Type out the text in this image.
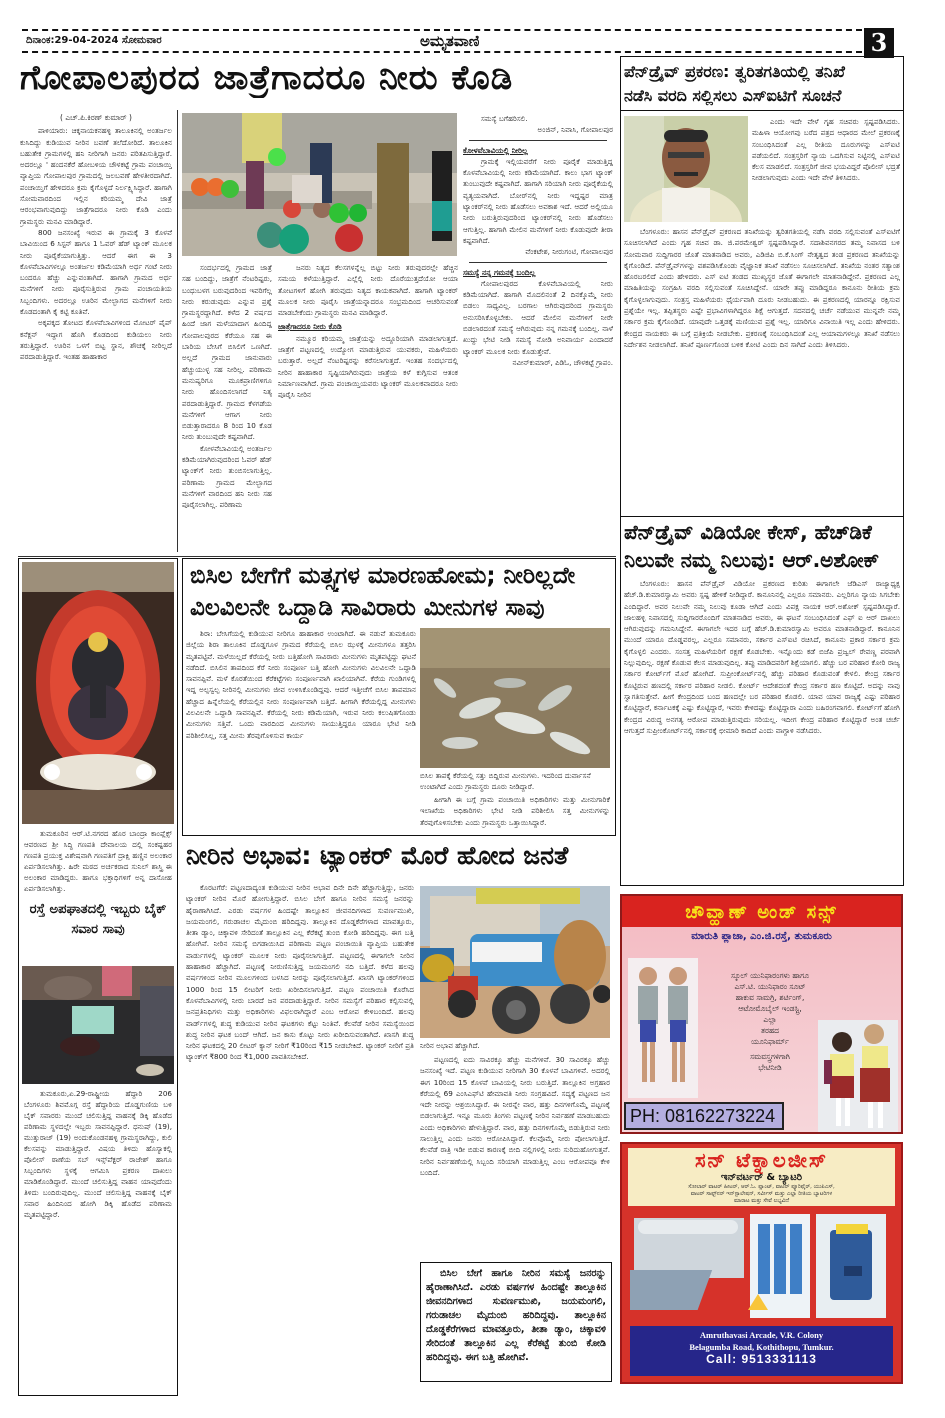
ದಿನಾಂಕ:29-04-2024 ಸೋಮವಾರ	ಅಮೃತವಾಣಿ	3
ಗೋಪಾಲಪುರದ ಜಾತ್ರೆಗಾದರೂ ನೀರು ಕೊಡಿ
( ಎಚ್.ಪಿ.ಕಿರಣ್ ಕುಮಾರ್ )

ಪಾಳಿಯಾರು: ಚಿಕ್ಕನಾಯಕನಹಳ್ಳಿ ತಾಲೂಕಿನಲ್ಲಿ ಅಂತರ್ಜಲ ಕುಸಿದಿದ್ದು ಕುಡಿಯುವ ನೀರಿನ ಬವಣೆ ತಲೆದೋರಿದೆ. ತಾಲೂಕಿನ ಬಹುತೇಕ ಗ್ರಾಮಗಳಲ್ಲಿ ಹನಿ ನೀರಿಗಾಗಿ ಜನರು ಪರಿತಪಿಸುತ್ತಿದ್ದಾರೆ. ಅದರಲ್ಲೂ ' ಹಂದನಕೆರೆ ಹೋಬಳಿಯ ಚೌಳಕಟ್ಟೆ ಗ್ರಾಮ ಪಂಚಾಯ್ತಿ ವ್ಯಾಪ್ತಿಯ ಗೋಪಾಲಪುರ ಗ್ರಾಮದಲ್ಲಿ ಜಲಬವಣೆ ಹೇಳತೀರದಾಗಿದೆ. ಪಂಚಾಯ್ತಿಗೆ ಹೇಳಿದರೂ ಕ್ರಮ ಕೈಗೊಳ್ಳದೆ ನಿರ್ಲಕ್ಷ್ಯಿಸಿದ್ದಾರೆ. ಹಾಗಾಗಿ ಸೋಮವಾರದಿಂದ ಇಲ್ಲಿನ ಕರಿಯಮ್ಮ ದೇವಿ ಜಾತ್ರೆ ಆರಂಭವಾಗುವುದಿದ್ದು ಜಾತ್ರೆಗಾದರೂ ನೀರು ಕೊಡಿ ಎಂದು ಗ್ರಾಮಸ್ಥರು ಮನವಿ ಮಾಡಿದ್ದಾರೆ.

800 ಜನಸಂಖ್ಯೆ ಇರುವ ಈ ಗ್ರಾಮಕ್ಕೆ 3 ಕೊಳವೆ ಬಾವಿಯಿಂದ 6 ಸಿಸ್ಟನ್ ಹಾಗೂ 1 ಓವರ್ ಹೆಡ್ ಟ್ಯಾಂಕ್ ಮೂಲಕ ನೀರು ಪೂರೈಕೆಯಾಗುತ್ತಿತ್ತು. ಆದರೆ ಈಗ ಈ 3 ಕೊಳವೆಬಾವಿಗಳಲ್ಲೂ ಅಂತರ್ಜಲ ಕಡಿಮೆಯಾಗಿ ಅರ್ಧ ಗಂಟೆ ನೀರು ಬಂದರೂ ಹೆಚ್ಚು ಎನ್ನುವಂತಾಗಿದೆ. ಹಾಗಾಗಿ ಗ್ರಾಮದ ಅರ್ಧ ಮನೆಗಳಿಗೆ ನೀರು ಪೂರೈಸುತ್ತಿರುವ ಗ್ರಾಮ ಪಂಚಾಯತಿಯ ಸಿಬ್ಬಂದಿಗಳು. ಅದರಲ್ಲೂ ಊರಿನ ಮೇಲ್ಭಾಗದ ಮನೆಗಳಿಗೆ ನೀರು ಕೊಡದಂತಾಗಿ ಕೈ ಕಟ್ಟಿ ಕೂತಿವೆ.

ಅಕ್ಕಪಕ್ಕದ ತೋಟದ ಕೊಳವೆಬಾವಿಗಳಿಂದ ಮೋಟರ್ ಪೈಪ್ ಕನೆಕ್ಷನ್ ಇದ್ದಾಗ ಹೊಗಿ ಕೊಡದಿಂದ ಕುಡಿಯಲು ನೀರು ತರುತ್ತಿದ್ದಾರೆ. ಊರಿನ ಒಳಗೆ ಬಿಟ್ಟ ಸ್ಥಾನ, ಶೌಚಕ್ಕೆ ನೀರಿಲ್ಲದೆ ಪರದಾಡುತ್ತಿದ್ದಾರೆ. ಇಂತಹ ಹಾಹಾಕಾರ

ಸಂದರ್ಭದಲ್ಲಿ ಗ್ರಾಮದ ಜಾತ್ರೆ ಸಹ ಬಂದಿದ್ದು, ಜಾತ್ರೆಗೆ ನೆಂಟರಿಷ್ಟರು, ಬಂಧುಬಳಗ ಬರುವುದರಿಂದ ಇವರಿಗೆಲ್ಲ ನೀರು ಕರುಡುವುದು ಎನ್ನುವ ಪ್ರಶ್ನೆ ಗ್ರಾಮಸ್ಥರದ್ದಾಗಿದೆ. ಕಳೆದ 2 ವರ್ಷದ ಹಿಂದೆ ಜಾಗ ಮಳೆಯಾದಾಗ ಹಿಂದಿದ್ದ ಗೋಪಾಲಪುರದ ಕೆರೆಯೂ ಸಹ ಈ ಬಾರಿಯ ಬೇಸಿಗೆ ಬಿಸಿಲಿಗೆ ಒಣಗಿದೆ. ಅಲ್ಲದೆ ಗ್ರಾಮದ ಜಾನುವಾರು ಹೆಚ್ಚುಯುಳ್ಳ ಸಹ ನೀರಿಲ್ಲ. ಪರಿಣಾಮ ಮನುಷ್ಯರಿಗೂ ಮೂಕಪ್ರಾಣಿಗಳಿಗೂ ನೀರು ಹೊಂದಿಸಲಾಗದೆ ನಿತ್ಯ ಪರದಾಡುತ್ತಿದ್ದಾರೆ. ಗ್ರಾಮದ ಕೆಳಗಡೆಯ ಮನೆಗಳಿಗೆ ಆಗಾಗ ನೀರು ಬಿಡುತ್ತಾರಾದರೂ 8 ರಿಂದ 10 ಕೊಡ ನೀರು ತುಂಬುವುದೇ ಕಷ್ಟವಾಗಿದೆ.

ಕೋಳವೆಬಾವಿಯಲ್ಲಿ ಅಂತರ್ಜಲ ಕಡಿಮೆಯಾಗಿರುವುದರಿಂದ ಓವರ್ ಹೆಡ್ ಟ್ಯಾಂಕ್‌ಗೆ ನೀರು ತುಂಬಿಸಲಾಗುತ್ತಿಲ್ಲ. ಪರಿಣಾಮ ಗ್ರಾಮದ ಮೇಲ್ಭಾಗದ ಮನೆಗಳಿಗೆ ವಾರದಿಂದ ಹನಿ ನೀರು ಸಹ ಪೂರೈಸಲಾಗಿಲ್ಲ. ಪರಿಣಾಮ

ಜನರು ನಿತ್ಯದ ಕೆಲಸಗಳನ್ನೆಲ್ಲ ಬಿಟ್ಟು ನೀರು ತರುವುದರಲ್ಲೇ ಹೆಚ್ಚಿನ ಸಮಯ ಕಳೆಯುತ್ತಿದ್ದಾರೆ. ಎಲ್ಲೆಲ್ಲಿ ನೀರು ದೊರೆಯುತ್ತದೆಯೋ ಆಯಾ ತೋಟಗಳಿಗೆ ಹೋಗಿ ತರುವುದು ನಿತ್ಯದ ಕಾಯಕವಾಗಿದೆ. ಹಾಗಾಗಿ ಟ್ಯಾಂಕರ್ ಮೂಲಕ ನೀರು ಪೂರೈಸಿ ಜಾತ್ರೆಯನ್ನಾದರೂ ಸಂಭ್ರಮದಿಂದ ಆಚರಿಸುವಂತೆ ಮಾಡಬೇಕೆಂದು ಗ್ರಾಮಸ್ಥರು ಮನವಿ ಮಾಡಿದ್ದಾರೆ.

ಜಾತ್ರೆಗಾದರೂ ನೀರು ಕೊಡಿ

ನಮ್ಮೂರ ಕರಿಯಮ್ಮ ಜಾತ್ರೆಯನ್ನು ಅದ್ದೂರಿಯಾಗಿ ಮಾಡಲಾಗುತ್ತದೆ. ಜಾತ್ರೆಗೆ ಪಟ್ಟಣದಲ್ಲಿ ಉದ್ಯೋಗ ಮಾಡುತ್ತಿರುವ ಯುವಕರು, ಮಹಿಳೆಯರು ಬರುತ್ತಾರೆ. ಅಲ್ಲದೆ ನೆಂಟರಿಷ್ಟರನ್ನು ಕರೆಸಲಾಗುತ್ತದೆ. ಇಂತಹ ಸಂದರ್ಭದಲ್ಲಿ ನೀರಿನ ಹಾಹಾಕಾರ ಸೃಷ್ಟಿಯಾಗಿರುವುದು ಜಾತ್ರೆಯ ಕಳೆ ಕುಗ್ಗಿಸುವ ಆತಂಕ ನಿರ್ಮಾಣವಾಗಿದೆ. ಗ್ರಾಮ ಪಂಚಾಯ್ತಿಯವರು ಟ್ಯಾಂಕರ್ ಮೂಲಕವಾದರೂ ನೀರು ಪೂರೈಸಿ ನೀರಿನ

ಸಮಸ್ಯೆ ಬಗೆಹರಿಸಲಿ.

ಅಂಜಿನ್, ನಿವಾಸಿ, ಗೋಪಾಲಪುರ
ಕೋಳವೆಬಾವಿಯಲ್ಲಿ ನೀರಿಲ್ಲ

ಗ್ರಾಮಕ್ಕೆ ಇಲ್ಲಿಯವರೆಗೆ ನೀರು ಪೂರೈಕೆ ಮಾಡುತ್ತಿದ್ದ ಕೊಳವೆಬಾವಿಯಲ್ಲಿ ನೀರು ಕಡಿಮೆಯಾಗಿದೆ. ಕಾಲು ಭಾಗ ಟ್ಯಾಂಕ್ ತುಂಬುವುದೇ ಕಷ್ಟವಾಗಿದೆ. ಹಾಗಾಗಿ ಸರಿಯಾಗಿ ನೀರು ಪೂರೈಕೆಯಲ್ಲಿ ವ್ಯತ್ಯಯವಾಗಿದೆ. ಬೋರ್‌ನಲ್ಲಿ ನೀರು ಇದ್ದಷ್ಟರ ಮಾತ್ರ ಟ್ಯಾಂಕರ್‌ನಲ್ಲಿ ನೀರು ಹೊಡೆಸಲು ಅವಕಾಶ ಇದೆ. ಆದರೆ ಅಲ್ಲಿಯೂ ನೀರು ಬರುತ್ತಿರುವುದರಿಂದ ಟ್ಯಾಂಕರ್‌ನಲ್ಲಿ ನೀರು ಹೊಡೆಸಲು ಆಗುತ್ತಿಲ್ಲ. ಹಾಗಾಗಿ ಮೇಲಿನ ಮನೆಗಳಿಗೆ ನೀರು ಕೊಡುವುದೇ ತೀರಾ ಕಷ್ಟವಾಗಿದೆ.

ವೆಂಕಟೇಶ, ನೀರುಗಂಟಿ, ಗೋಪಾಲಪುರ
ಸಮಸ್ಯೆ ನನ್ನ ಗಮನಕ್ಕೆ ಬಂದಿಲ್ಲ

ಗೋಪಾಲಪುರದ ಕೊಳವೆಬಾವಿಯಲ್ಲಿ ನೀರು ಕಡಿಮೆಯಾಗಿದೆ. ಹಾಗಾಗಿ ಮೊದಲಿನಂತೆ 2 ದಿನಕ್ಕೊಮ್ಮೆ ನೀರು ಬಿಡಲು ಸಾಧ್ಯವಿಲ್ಲ. ಬರಗಾಲ ಆಗಿರುವುದರಿಂದ ಗ್ರಾಮಸ್ಥರು ಅನುಸರಿಸಿಕೊಳ್ಳಬೇಕು. ಆದರೆ ಮೇಲಿನ ಮನೆಗಳಿಗೆ ನೀರೇ ಬಿಡಲಾರದಂತೆ ಸಮಸ್ಯೆ ಆಗಿರುವುದು ನನ್ನ ಗಮನಕ್ಕೆ ಬಂದಿಲ್ಲ. ನಾಳೆ ಖುದ್ದು ಭೇಟಿ ನೀಡಿ ಸಮಸ್ಯೆ ನೋಡಿ ಅನಿವಾರ್ಯ ಎಂದಾದರೆ ಟ್ಯಾಂಕರ್ ಮೂಲಕ ನೀರು ಕೊಡುತ್ತೇವೆ.

ನವೀನ್‌ಕುಮಾರ್, ಪಿಡಿಓ, ಚೌಳಕಟ್ಟೆ ಗ್ರಾಪಂ.
ತುಮಕೂರಿನ ಆರ್.ಟಿ.ನಗರದ ಹೊರ ಬಾಂದ್ರಾ ಕಾಂಪ್ಲೆಕ್ಸ್ ಆವರಣದ ಶ್ರೀ ಸಿದ್ಧಿ ಗಣಪತಿ ದೇವಾಲಯ ದಲ್ಲಿ ಸಂಕಷ್ಟಹರ ಗಣಪತಿ ಪ್ರಯುಕ್ತ ವಿಶೇಷವಾಗಿ ಗಣಪತಿಗೆ ದ್ರಾಕ್ಷಿ ಹಣ್ಣಿನ ಅಲಂಕಾರ ಏರ್ಪಡಿಸಲಾಗಿತ್ತು. ಹಿರೇ ಮಠದ ಅರ್ಚಕರಾದ ಸುನಿಲ್ ಶಾಸ್ತ್ರಿ ಈ ಅಲಂಕಾರ ಮಾಡಿದ್ದರು. ಹಾಗೂ ಭಕ್ತಾಧಿಗಳಿಗೆ ಅನ್ನ ದಾಸೋಹ ಏರ್ಪಡಿಸಲಾಗಿತ್ತು.
ರಸ್ತೆ ಅಪಘಾತದಲ್ಲಿ ಇಬ್ಬರು ಬೈಕ್ ಸವಾರ ಸಾವು
ತುಮಕೂರು,ಏ.29-ರಾಷ್ಟ್ರೀಯ ಹೆದ್ದಾರಿ 206 ಬೆಂಗಳೂರು ಶಿವಮೊಗ್ಗ ರಸ್ತೆ ಹೆದ್ದಾರಿಯ ದೊಡ್ಡಗುಣಿಯ ಬಳಿ ಬೈಕ್ ಸವಾರರು ಮುಂದೆ ಚಲಿಸುತ್ತಿದ್ದ ವಾಹನಕ್ಕೆ ಡಿಕ್ಕಿ ಹೊಡೆದ ಪರಿಣಾಮ ಸ್ಥಳದಲ್ಲೇ ಇಬ್ಬರು ಸಾವನಪ್ಪಿದ್ದಾರೆ. ಧನುಷ್ (19), ಮುತ್ತುರಾಜ್ (19) ಅಂದುಕೊಂಡನಹಳ್ಳಿ ಗ್ರಾಮಸ್ಥರಾಗಿದ್ದು, ಕುಲಿ ಕೆಲಸವನ್ನು ಮಾಡುತ್ತಿದ್ದಾರೆ. ವಿಷಯ ತಿಳಿದು ಹೊಸ್ಯಾಕಲ್ಲಿ ಪೊಲೀಸ್ ಠಾಣೆಯ ಸಬ್ ಇನ್ಸ್‌ಪೆಕ್ಟರ್ ರಾಜೇಶ್ ಹಾಗೂ ಸಿಬ್ಬಂದಿಗಳು ಸ್ಥಳಕ್ಕೆ ಆಗಮಿಸಿ ಪ್ರಕರಣ ದಾಖಲು ಮಾಡಿಕೊಂಡಿದ್ದಾರೆ. ಮುಂದೆ ಚಲಿಸುತ್ತಿದ್ದ ವಾಹನ ಯಾವುದೆಂದು ತಿಳಿದು ಬಂದಿರುವುದಿಲ್ಲ. ಮುಂದೆ ಚಲಿಸುತ್ತಿದ್ದ ವಾಹನಕ್ಕೆ ಬೈಕ್ ಸವಾರ ಹಿಂದಿನಿಂದ ಹೋಗಿ ಡಿಕ್ಕಿ ಹೊಡೆದ ಪರಿಣಾಮ ಮೃತಪಟ್ಟಿದ್ದಾರೆ.
ಬಿಸಿಲ ಬೇಗೆಗೆ ಮತ್ಸ್ಯಗಳ ಮಾರಣಹೋಮ; ನೀರಿಲ್ಲದೇ
ವಿಲವಿಲನೇ ಒದ್ದಾಡಿ ಸಾವಿರಾರು ಮೀನುಗಳ ಸಾವು
ಶಿರಾ: ಬೇಸಿಗೆಯಲ್ಲಿ ಕುಡಿಯುವ ನೀರಿಗೂ ಹಾಹಾಕಾರ ಉಂಟಾಗಿದೆ. ಈ ನಡುವೆ ತುಮಕೂರು ಜಿಲ್ಲೆಯ ಶಿರಾ ತಾಲೂಕಿನ ದೊಡ್ಡಗೂಳ ಗ್ರಾಮದ ಕೆರೆಯಲ್ಲಿ ಬಿಸಿಲ ಝಳಕ್ಕೆ ಮೀನುಗಳೂ ತತ್ತರಿಸಿ ಮೃತಪಟ್ಟಿವೆ. ಮಳೆಯಿಲ್ಲದೆ ಕೆರೆಯಲ್ಲಿ ನೀರು ಬತ್ತಿಹೋಗಿ ಸಾವಿರಾರು ಮೀನುಗಳು ಮೃತಪಟ್ಟಿದ್ದು ಘಟನೆ ನಡೆದಿದೆ. ಬಿಸಿಲಿನ ತಾಪದಿಂದ ಕೆರೆ ನೀರು ಸಂಪೂರ್ಣ ಬತ್ತಿ ಹೋಗಿ ಮೀನುಗಳು ವಿಲವಿಲನೇ ಒದ್ದಾಡಿ ಸಾವನಪ್ಪಿವೆ. ಮಳೆ ಕೊರತೆಯಿಂದ ಕೆರೆಕಟ್ಟೆಗಳು ಸಂಪೂರ್ಣವಾಗಿ ಖಾಲಿಯಾಗಿವೆ. ಕೆರೆಯ ಗುಂಡಿಗಳಲ್ಲಿ ಇದ್ದ ಅಲ್ಪಸ್ವಲ್ಪ ನೀರಿನಲ್ಲಿ ಮೀನುಗಳು ಜೀವ ಉಳಿಸಿಕೊಂಡಿದ್ದವು. ಆದರೆ ಇತ್ತೀಚೆಗೆ ಬಿಸಿಲ ತಾಪಮಾನ ಹೆಚ್ಚಾದ ಹಿನ್ನೆಲೆಯಲ್ಲಿ ಕೆರೆಯಲ್ಲಿನ ನೀರು ಸಂಪೂರ್ಣವಾಗಿ ಬತ್ತಿದೆ. ಹೀಗಾಗಿ ಕೆರೆಯಲ್ಲಿದ್ದ ಮೀನುಗಳು ವಿಲವಿಲನೇ ಒದ್ದಾಡಿ ಸಾವನಪ್ಪಿವೆ. ಕೆರೆಯಲ್ಲಿ ನೀರು ಕಡಿಮೆಯಾಗಿ, ಇರುವ ನೀರು ಕಲುಷಿತಗೊಂಡು ಮೀನುಗಳು ಸತ್ತಿವೆ. ಒಂದು ವಾರದಿಂದ ಮೀನುಗಳು ಸಾಯುತ್ತಿದ್ದರೂ ಯಾರೂ ಭೇಟಿ ನೀಡಿ ಪರಿಶೀಲಿಸಿಲ್ಲ, ಸತ್ತ ಮೀನು ತೆರವುಗೊಳಿಸುವ ಕಾರ್ಯ
ಬಿಸಿಲ ತಾಪಕ್ಕೆ ಕೆರೆಯಲ್ಲಿ ಸತ್ತು ಬಿದ್ದಿರುವ ಮೀನುಗಳು. ಇದರಿಂದ ದುರ್ವಾಸನೆ ಉಂಟಾಗಿದೆ ಎಂದು ಗ್ರಾಮಸ್ಥರು ದೂರು ನೀಡಿದ್ದಾರೆ.
ಹೀಗಾಗಿ ಈ ಬಗ್ಗೆ ಗ್ರಾಮ ಪಂಚಾಯಿತಿ ಅಧಿಕಾರಿಗಳು ಮತ್ತು ಮೀನುಗಾರಿಕೆ ಇಲಾಖೆಯ ಅಧಿಕಾರಿಗಳು ಭೇಟಿ ನೀಡಿ ಪರಿಶೀಲಿಸಿ ಸತ್ತ ಮೀನುಗಳನ್ನು ತೆರವುಗೊಳಿಸಬೇಕು ಎಂದು ಗ್ರಾಮಸ್ಥರು ಒತ್ತಾಯಿಸಿದ್ದಾರೆ.
ನೀರಿನ ಅಭಾವ: ಟ್ಯಾಂಕರ್ ಮೊರೆ ಹೋದ ಜನತೆ
ಕೊರಟಗೆರೆ: ಪಟ್ಟಣದಾದ್ಯಂತ ಕುಡಿಯುವ ನೀರಿನ ಅಭಾವ ದಿನೇ ದಿನೇ ಹೆಚ್ಚಾಗುತ್ತಿದ್ದು, ಜನರು ಟ್ಯಾಂಕರ್ ನೀರಿನ ಮೊರೆ ಹೋಗುತ್ತಿದ್ದಾರೆ. ಬಿಸಿಲ ಬೇಗೆ ಹಾಗೂ ನೀರಿನ ಸಮಸ್ಯೆ ಜನರನ್ನು ಹೈರಾಣಾಗಿಸಿದೆ. ಎರಡು ವರ್ಷಗಳ ಹಿಂದಷ್ಟೇ ತಾಲ್ಲೂಕಿನ ಜೀವನದಿಗಳಾದ ಸುವರ್ಣಮುಖಿ, ಜಯಮಂಗಲಿ, ಗರುಡಾಚಲ ಮೈದುಂಬಿ ಹರಿದಿದ್ದವು. ತಾಲ್ಲೂಕಿನ ದೊಡ್ಡಕೆರೆಗಳಾದ ಮಾವತ್ತೂರು, ತೀತಾ ಡ್ಯಾಂ, ಚಿಕ್ಕಾವಳಿ ಸೇರಿದಂತೆ ತಾಲ್ಲೂಕಿನ ಎಲ್ಲ ಕೆರೆಕಟ್ಟೆ ತುಂಬಿ ಕೋಡಿ ಹರಿದಿದ್ದವು. ಈಗ ಬತ್ತಿ ಹೋಗಿವೆ. ನೀರಿನ ಸಮಸ್ಯೆ ಬಿಗಡಾಯಿಸಿದ ಪರಿಣಾಮ ಪಟ್ಟಣ ಪಂಚಾಯಿತಿ ವ್ಯಾಪ್ತಿಯ ಬಹುತೇಕ ವಾರ್ಡುಗಳಲ್ಲಿ ಟ್ಯಾಂಕರ್ ಮೂಲಕ ನೀರು ಪೂರೈಸಲಾಗುತ್ತಿದೆ. ಪಟ್ಟಣದಲ್ಲಿ ಈಗಾಗಲೇ ನೀರಿನ ಹಾಹಾಕಾರ ಹೆಚ್ಚಾಗಿದೆ. ಪಟ್ಟಣಕ್ಕೆ ನೀರುಣಿಸುತ್ತಿದ್ದ ಜಯಮಂಗಲಿ ನದಿ ಬತ್ತಿದೆ. ಕಳೆದ ಹಲವು ವರ್ಷಗಳಿಂದ ನೀರಿನ ಮೂಲಗಳಿಂದ ಬಳಸಿದ ನೀರನ್ನು ಪೂರೈಸಲಾಗುತ್ತಿದೆ. ಖಾಸಗಿ ಟ್ಯಾಂಕರ್‌ಗಳಿಂದ 1000 ರಿಂದ 15 ಲೀಟರಿಗೆ ನೀರು ಖರೀದಿಸಲಾಗುತ್ತಿದೆ. ಪಟ್ಟಣ ಪಂಚಾಯಿತಿ ಕೊರೆಸಿದ ಕೊಳವೆಬಾವಿಗಳಲ್ಲಿ ನೀರು ಬಾರದೆ ಜನ ಪರದಾಡುತ್ತಿದ್ದಾರೆ. ನೀರಿನ ಸಮಸ್ಯೆಗೆ ಪರಿಹಾರ ಕಲ್ಪಿಸುವಲ್ಲಿ ಜನಪ್ರತಿನಿಧಿಗಳು ಮತ್ತು ಅಧಿಕಾರಿಗಳು ವಿಫಲರಾಗಿದ್ದಾರೆ ಎಂಬ ಆರೋಪ ಕೇಳಿಬಂದಿದೆ. ಹಲವು ವಾರ್ಡ್‌ಗಳಲ್ಲಿ ಶುದ್ಧ ಕುಡಿಯುವ ನೀರಿನ ಘಟಕಗಳು ಕೆಟ್ಟು ನಿಂತಿವೆ. ಕೆಲವೆಡೆ ನೀರಿನ ಸಮಸ್ಯೆಯಿಂದ ಶುದ್ಧ ನೀರಿನ ಘಟಕ ಬಂದ್ ಆಗಿದೆ. ಜನ ಕಾಸು ಕೊಟ್ಟು ನೀರು ಖರೀದಿಸುವಂತಾಗಿದೆ. ಖಾಸಗಿ ಶುದ್ಧ ನೀರಿನ ಘಟಕದಲ್ಲಿ 20 ಲೀಟರ್ ಕ್ಯಾನ್ ನೀರಿಗೆ ₹10ರಿಂದ ₹15 ನೀಡಬೇಕಿದೆ. ಟ್ಯಾಂಕರ್ ನೀರಿಗೆ ಪ್ರತಿ ಟ್ಯಾಂಕ್‌ಗೆ ₹800 ರಿಂದ ₹1,000 ಪಾವತಿಸಬೇಕಿದೆ.
ನೀರಿನ ಅಭಾವ ಹೆಚ್ಚಾಗಿದೆ.
ಪಟ್ಟಣದಲ್ಲಿ ಐದು ಸಾವಿರಕ್ಕೂ ಹೆಚ್ಚು ಮನೆಗಳಿವೆ. 30 ಸಾವಿರಕ್ಕೂ ಹೆಚ್ಚು ಜನಸಂಖ್ಯೆ ಇದೆ. ಪಟ್ಟಣ ಕುಡಿಯುವ ನೀರಿಗಾಗಿ 30 ಕೊಳವೆ ಬಾವಿಗಳಿವೆ. ಅದರಲ್ಲಿ ಈಗ 10ರಿಂದ 15 ಕೊಳವೆ ಬಾವಿಯಲ್ಲಿ ನೀರು ಬರುತ್ತಿದೆ. ತಾಲ್ಲೂಕಿನ ಅಗ್ರಹಾರ ಕೆರೆಯಲ್ಲಿ 69 ಎಂಸಿಎಫ್‌ಟಿ ಹೇಮಾವತಿ ನೀರು ಸಂಗ್ರಹವಿದೆ. ಸದ್ಯಕ್ಕೆ ಪಟ್ಟಣದ ಜನ ಇದೇ ನೀರನ್ನು ಆಶ್ರಯಿಸಿದ್ದಾರೆ. ಈ ನೀರನ್ನೇ ವಾರ, ಹತ್ತು ದಿನಗಳಿಗೊಮ್ಮೆ ಪಟ್ಟಣಕ್ಕೆ ಬಿಡಲಾಗುತ್ತಿದೆ. ಇನ್ನೂ ಮೂರು ತಿಂಗಳು ಪಟ್ಟಣಕ್ಕೆ ನೀರಿನ ನಿರ್ವಹಣೆ ಮಾಡಬಹುದು ಎಂದು ಅಧಿಕಾರಿಗಳು ಹೇಳುತ್ತಿದ್ದಾರೆ. ವಾರ, ಹತ್ತು ದಿನಗಳಿಗೊಮ್ಮೆ ಬಿಡುತ್ತಿರುವ ನೀರು ಸಾಲುತ್ತಿಲ್ಲ ಎಂದು ಜನರು ಆರೋಪಿಸಿದ್ದಾರೆ. ಕೆಲವೊಮ್ಮೆ ನೀರು ಪೋಲಾಗುತ್ತಿದೆ. ಕೆಲವೆಡೆ ರಾತ್ರಿ ಇಡೀ ಬಿಡುವ ಕಾರಣಕ್ಕೆ ಬೀದಿ ನಲ್ಲಿಗಳಲ್ಲಿ ನೀರು ಸುರಿದುಹೋಗುತ್ತವೆ. ನೀರಿನ ನಿರ್ವಹಣೆಯಲ್ಲಿ ಸಿಬ್ಬಂದಿ ಸರಿಯಾಗಿ ಮಾಡುತ್ತಿಲ್ಲ ಎಂಬ ಆರೋಪವೂ ಕೇಳಿ ಬಂದಿದೆ.
ಬಿಸಿಲ ಬೇಗೆ ಹಾಗೂ ನೀರಿನ ಸಮಸ್ಯೆ ಜನರನ್ನು ಹೈರಾಣಾಗಿಸಿದೆ. ಎರಡು ವರ್ಷಗಳ ಹಿಂದಷ್ಟೇ ತಾಲ್ಲೂಕಿನ ಜೀವನದಿಗಳಾದ ಸುವರ್ಣಮುಖಿ, ಜಯಮಂಗಲಿ, ಗರುಡಾಚಲ ಮೈದುಂಬಿ ಹರಿದಿದ್ದವು. ತಾಲ್ಲೂಕಿನ ದೊಡ್ಡಕೆರೆಗಳಾದ ಮಾವತ್ತೂರು, ತೀತಾ ಡ್ಯಾಂ, ಚಿಕ್ಕಾವಳಿ ಸೇರಿದಂತೆ ತಾಲ್ಲೂಕಿನ ಎಲ್ಲ ಕೆರೆಕಟ್ಟೆ ತುಂಬಿ ಕೋಡಿ ಹರಿದಿದ್ದವು. ಈಗ ಬತ್ತಿ ಹೋಗಿವೆ.
ಪೆನ್‌ಡ್ರೈವ್ ಪ್ರಕರಣ: ತ್ವರಿತಗತಿಯಲ್ಲಿ ತನಿಖೆ
ನಡೆಸಿ ವರದಿ ಸಲ್ಲಿಸಲು ಎಸ್‌ಐಟಿಗೆ ಸೂಚನೆ

ಎಂದು ಇದೇ ವೇಳೆ ಗೃಹ ಸಚಿವರು ಸ್ಪಷ್ಟಪಡಿಸಿದರು. ಮಹಿಳಾ ಆಯೋಗವು ಬರೆದ ಪತ್ರದ ಆಧಾರದ ಮೇಲೆ ಪ್ರಕರಣಕ್ಕೆ ಸಂಬಂಧಿಸಿದಂತೆ ಎಲ್ಲ ರೀತಿಯ ದೂರುಗಳನ್ನು ಎಸ್‌ಐಟಿ ಪಡೆಯಲಿದೆ. ಸಂತ್ರಸ್ತರಿಗೆ ನ್ಯಾಯ ಒದಗಿಸುವ ನಿಟ್ಟಿನಲ್ಲಿ ಎಸ್‌ಐಟಿ ಕೆಲಸ ಮಾಡಲಿದೆ. ಸಂತ್ರಸ್ತರಿಗೆ ಜೀವ ಭಯವಿದ್ದರೆ ಪೊಲೀಸ್ ಭದ್ರತೆ ನೀಡಲಾಗುವುದು ಎಂದು ಇದೇ ವೇಳೆ ತಿಳಿಸಿದರು.

ಬೆಂಗಳೂರು: ಹಾಸನ ಪೆನ್‌ಡ್ರೈವ್ ಪ್ರಕರಣದ ತನಿಖೆಯನ್ನು ತ್ವರಿತಗತಿಯಲ್ಲಿ ನಡೆಸಿ ವರದಿ ಸಲ್ಲಿಸುವಂತೆ ಎಸ್‌ಐಟಿಗೆ ಸೂಚಿಸಲಾಗಿದೆ ಎಂದು ಗೃಹ ಸಚಿವ ಡಾ. ಜಿ.ಪರಮೇಶ್ವರ್ ಸ್ಪಷ್ಟಪಡಿಸಿದ್ದಾರೆ. ಸದಾಶಿವನಗರದ ತಮ್ಮ ನಿವಾಸದ ಬಳಿ ಸೋಮವಾರ ಸುದ್ದಿಗಾರರ ಜೊತೆ ಮಾತನಾಡಿದ ಅವರು, ಎಡಿಜಿಪಿ ಬಿ.ಕೆ.ಸಿಂಗ್ ನೇತೃತ್ವದ ತಂಡ ಪ್ರಕರಣದ ತನಿಖೆಯನ್ನು ಕೈಗೊಂಡಿದೆ. ಪೆನ್‌ಡ್ರೈವ್‌ಗಳನ್ನು ವಶಪಡಿಸಿಕೊಂಡು ವೈಜ್ಞಾನಿಕ ತನಿಖೆ ನಡೆಸಲು ಸೂಚಿಸಲಾಗಿದೆ. ತನಿಖೆಯ ನಂತರ ಸತ್ಯಾಂಶ ಹೊರಬರಲಿದೆ ಎಂದು ಹೇಳಿದರು. ಎಸ್ ಐಟಿ ತಂಡದ ಮುಖ್ಯಸ್ಥರ ಜೊತೆ ಈಗಾಗಲೇ ಮಾತನಾಡಿದ್ದೇನೆ. ಪ್ರಕರಣದ ಎಲ್ಲ ಮಾಹಿತಿಯನ್ನು ಸಂಗ್ರಹಿಸಿ ವರದಿ ಸಲ್ಲಿಸುವಂತೆ ಸೂಚಿಸಿದ್ದೇನೆ. ಯಾರೇ ತಪ್ಪು ಮಾಡಿದ್ದರೂ ಕಾನೂನು ರೀತಿಯ ಕ್ರಮ ಕೈಗೊಳ್ಳಲಾಗುವುದು. ಸಂತ್ರಸ್ತ ಮಹಿಳೆಯರು ಧೈರ್ಯವಾಗಿ ದೂರು ನೀಡಬಹುದು. ಈ ಪ್ರಕರಣದಲ್ಲಿ ಯಾರನ್ನೂ ರಕ್ಷಿಸುವ ಪ್ರಶ್ನೆಯೇ ಇಲ್ಲ. ತಪ್ಪಿತಸ್ಥರು ಎಷ್ಟೇ ಪ್ರಭಾವಿಗಳಾಗಿದ್ದರೂ ಶಿಕ್ಷೆ ಆಗುತ್ತದೆ. ಸದನದಲ್ಲಿ ಚರ್ಚೆ ನಡೆಯುವ ಮುನ್ನವೇ ನಮ್ಮ ಸರ್ಕಾರ ಕ್ರಮ ಕೈಗೊಂಡಿದೆ. ಯಾವುದೇ ಒತ್ತಡಕ್ಕೆ ಮಣಿಯುವ ಪ್ರಶ್ನೆ ಇಲ್ಲ. ಯಾರಿಗೂ ವಿನಾಯಿತಿ ಇಲ್ಲ ಎಂದು ಹೇಳಿದರು. ಕೇಂದ್ರದ ನಾಯಕರು ಈ ಬಗ್ಗೆ ಪ್ರತಿಕ್ರಿಯೆ ನೀಡಬೇಕು. ಪ್ರಕರಣಕ್ಕೆ ಸಂಬಂಧಿಸಿದಂತೆ ಎಲ್ಲ ಆಯಾಮಗಳಲ್ಲೂ ತನಿಖೆ ನಡೆಸಲು ನಿರ್ದೇಶನ ನೀಡಲಾಗಿದೆ. ತನಿಖೆ ಪೂರ್ಣಗೊಂಡ ಬಳಿಕ ಕೋಟಿ ಎಂದು ದಿನ ಸಾಗಿದೆ ಎಂದು ತಿಳಿಸಿದರು.
ಪೆನ್‌ಡ್ರೈವ್ ವಿಡಿಯೋ ಕೇಸ್, ಹೆಚ್‌ಡಿಕೆ
ನಿಲುವೇ ನಮ್ಮ ನಿಲುವು: ಆರ್.ಅಶೋಕ್
ಬೆಂಗಳೂರು: ಹಾಸನ ಪೆನ್‌ಡ್ರೈವ್ ವಿಡಿಯೋ ಪ್ರಕರಣದ ಕುರಿತು ಈಗಾಗಲೇ ಜೆಡಿಎಸ್ ರಾಜ್ಯಾಧ್ಯಕ್ಷ ಹೆಚ್.ಡಿ.ಕುಮಾರಸ್ವಾಮಿ ಅವರು ಸ್ಪಷ್ಟ ಹೇಳಿಕೆ ನೀಡಿದ್ದಾರೆ. ಕಾನೂನಿನಲ್ಲಿ ಎಲ್ಲರೂ ಸಮಾನರು. ಎಲ್ಲರಿಗೂ ನ್ಯಾಯ ಸಿಗಬೇಕು ಎಂದಿದ್ದಾರೆ. ಅವರ ನಿಲುವೇ ನಮ್ಮ ನಿಲುವು ಕೂಡಾ ಆಗಿದೆ ಎಂದು ವಿಪಕ್ಷ ನಾಯಕ ಆರ್.ಅಶೋಕ್ ಸ್ಪಷ್ಟಪಡಿಸಿದ್ದಾರೆ. ಜಾಲಹಳ್ಳಿ ನಿವಾಸದಲ್ಲಿ ಸುದ್ದಿಗಾರರೊಂದಿಗೆ ಮಾತನಾಡಿದ ಅವರು, ಈ ಘಟನೆ ಸಂಬಂಧಿಸಿದಂತೆ ಎಫ್ ಐ ಆರ್ ದಾಖಲು ಆಗಿರುವುದನ್ನು ಗಮನಿಸಿದ್ದೇನೆ. ಈಗಾಗಲೇ ಇದರ ಬಗ್ಗೆ ಹೆಚ್.ಡಿ.ಕುಮಾರಸ್ವಾಮಿ ಅವರೂ ಮಾತನಾಡಿದ್ದಾರೆ. ಕಾನೂನಿನ ಮುಂದೆ ಯಾರೂ ದೊಡ್ಡವರಲ್ಲ, ಎಲ್ಲರೂ ಸಮಾನರು, ಸರ್ಕಾರ ಎಸ್‌ಐಟಿ ರಚಿಸಿದೆ, ಕಾನೂನು ಪ್ರಕಾರ ಸರ್ಕಾರ ಕ್ರಮ ಕೈಗೊಳ್ಳಲಿ ಎಂದರು. ಸಂಸತ್ತ ಮಹಿಳೆಯರಿಗೆ ರಕ್ಷಣೆ ಕೊಡಬೇಕು. ಇನ್ನೊಂದು ಕಡೆ ಬಿಜೆಪಿ ಪ್ರಜ್ವಲ್ ರೇವಣ್ಣ ಪರವಾಗಿ ನಿಲ್ಲುವುದಿಲ್ಲ. ರಕ್ಷಣೆ ಕೊಡುವ ಕೆಲಸ ಮಾಡುವುದಿಲ್ಲ. ತಪ್ಪು ಮಾಡಿದವರಿಗೆ ಶಿಕ್ಷೆಯಾಗಲಿ. ಹೆಚ್ಚು ಬರ ಪರಿಹಾರ ಕೋರಿ ರಾಜ್ಯ ಸರ್ಕಾರ ಕೋರ್ಟ್‌ಗೆ ಮೊರೆ ಹೋಗಿದೆ. ಸುಪ್ರೀಂಕೋರ್ಟ್‌ನಲ್ಲಿ ಹೆಚ್ಚು ಪರಿಹಾರ ಕೊಡುವಂತೆ ಕೇಳಲಿ. ಕೇಂದ್ರ ಸರ್ಕಾರ ಕೊಟ್ಟಿರುವ ಹಣದಲ್ಲಿ ಸರ್ಕಾರ ಪರಿಹಾರ ನೀಡಲಿ. ಕೋರ್ಟ್ ಆದೇಶದಂತೆ ಕೇಂದ್ರ ಸರ್ಕಾರ ಹಣ ಕೊಟ್ಟಿದೆ. ಅದನ್ನು ನಾವು ಸ್ವಾಗತಿಸುತ್ತೇವೆ. ಹೀಗೆ ಕೇಂದ್ರದಿಂದ ಬಂದ ಹಣದಲ್ಲೇ ಬರ ಪರಿಹಾರ ಕೊಡಲಿ. ಯಾವ ಯಾವ ರಾಜ್ಯಕ್ಕೆ ಎಷ್ಟು ಪರಿಹಾರ ಕೊಟ್ಟಿದ್ದಾರೆ, ಕರ್ನಾಟಕಕ್ಕೆ ಎಷ್ಟು ಕೊಟ್ಟಿದ್ದಾರೆ, ಇವರು ಕೇಳಿದಷ್ಟು ಕೊಟ್ಟಿದ್ದಾರಾ ಎಂದು ಬಹಿರಂಗವಾಗಲಿ. ಕೋರ್ಟ್‌ಗೆ ಹೋಗಿ ಕೇಂದ್ರದ ವಿರುದ್ಧ ಅನಗತ್ಯ ಆರೋಪ ಮಾಡುತ್ತಿರುವುದು ಸರಿಯಲ್ಲ. ಇದೀಗ ಕೇಂದ್ರ ಪರಿಹಾರ ಕೊಟ್ಟಿದ್ದಾರೆ ಅಂತ ಚರ್ಚೆ ಆಗುತ್ತದೆ ಸುಪ್ರೀಂಕೋರ್ಟ್‌ನಲ್ಲಿ ಸರ್ಕಾರಕ್ಕೆ ಛೀಮಾರಿ ಕಾದಿದೆ ಎಂದು ವಾಗ್ದಾಳಿ ನಡೆಸಿದರು.
ಚೌವ್ಹಾಣ್ ಅಂಡ್ ಸನ್ಸ್
ಮಾರುತಿ ಪ್ಲಾಜಾ, ಎಂ.ಜಿ.ರಸ್ತೆ, ತುಮಕೂರು
ಸ್ಕೂಲ್ ಯುನಿಫಾರಂಗಳು ಹಾಗೂ
ಎಸ್.ಟಿ. ಯುನಿಫಾರಂ ಸೂಟ್
ಹಾಕುವ ಸಾಮಗ್ರಿ, ಶರ್ಟಿಂಗ್,
ಆಟೋಮೊಬೈಲ್ ಇಂಡಸ್ಟ್ರಿ,
ಎಲ್ಲಾ
ತರಹದ
ಯೂನಿಫಾರ್ಮ್
ಸಮವಸ್ತ್ರಗಳಿಗಾಗಿ
ಭೇಟಿನೀಡಿ
PH: 08162273224
ಸನ್ ಟೆಕ್ನಾಲಜೀಸ್
ಇನ್‌ವರ್ಟರ್ & ಬ್ಯಾಟರಿ
ಸೋಲಾರ್ ವಾಟರ್ ಹೀಟರ್, ಆರ್.ಓ. ಪ್ಲಾಂಟ್, ವಾಟರ್ ಪ್ಯೂರಿಫೈರ್, ಯುಪಿಎಸ್,
ವಾಟರ್ ಸಾಫ್ಟ್‌ನರ್ ಇನ್‌ಸ್ಟಾಲೇಷನ್, ಸರ್ವೀಸ್ ಮತ್ತು ಎಲ್ಲಾ ರೀತಿಯ ಬ್ಯಾಟರಿಗಳ
ಮಾರಾಟ ಮತ್ತು ಸೇವೆ ಲಭ್ಯವಿದೆ
Amruthavasi Arcade, V.R. Colony
Belagumba Road, Kothithopu, Tumkur.
Call: 9513331113
